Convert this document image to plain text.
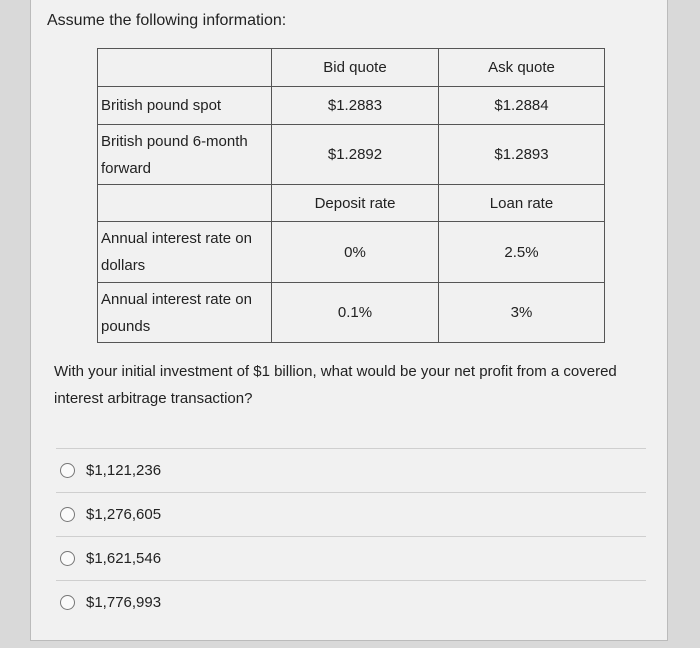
Assume the following information:
	Bid quote	Ask quote
British pound spot	$1.2883	$1.2884
British pound 6-month forward	$1.2892	$1.2893
	Deposit rate	Loan rate
Annual interest rate on dollars	0%	2.5%
Annual interest rate on pounds	0.1%	3%
With your initial investment of $1 billion, what would be your net profit from a covered interest arbitrage transaction?
$1,121,236
$1,276,605
$1,621,546
$1,776,993
